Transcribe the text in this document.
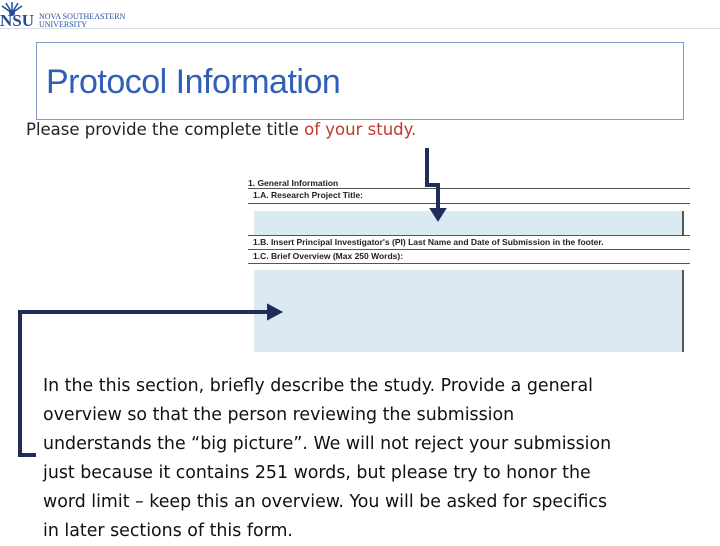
NSU NOVA SOUTHEASTERN
UNIVERSITY
Protocol Information
Please provide the complete title of your study.
1. General Information
1.A. Research Project Title:
1.B. Insert Principal Investigator's (PI) Last Name and Date of Submission in the footer.
1.C. Brief Overview (Max 250 Words):

In the this section, briefly describe the study. Provide a general

overview so that the person reviewing the submission

understands the “big picture”. We will not reject your submission

just because it contains 251 words, but please try to honor the

word limit – keep this an overview. You will be asked for specifics

in later sections of this form.
